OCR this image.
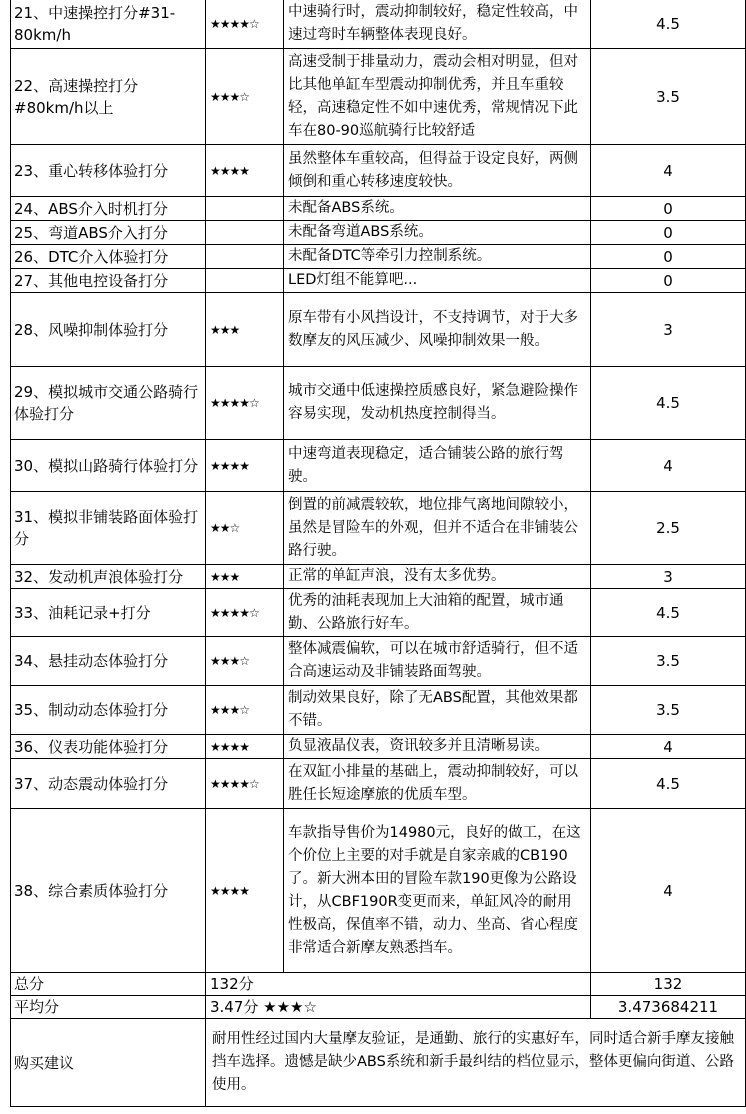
21、中速操控打分#31-80km/h	★★★★☆	中速骑行时，震动抑制较好，稳定性较高，中速过弯时车辆整体表现良好。	4.5
22、高速操控打分#80km/h以上	★★★☆	高速受制于排量动力，震动会相对明显，但对比其他单缸车型震动抑制优秀，并且车重较轻，高速稳定性不如中速优秀，常规情况下此车在80-90巡航骑行比较舒适	3.5
23、重心转移体验打分	★★★★	虽然整体车重较高，但得益于设定良好，两侧倾倒和重心转移速度较快。	4
24、ABS介入时机打分		未配备ABS系统。	0
25、弯道ABS介入打分		未配备弯道ABS系统。	0
26、DTC介入体验打分		未配备DTC等牵引力控制系统。	0
27、其他电控设备打分		LED灯组不能算吧...	0
28、风噪抑制体验打分	★★★	原车带有小风挡设计，不支持调节，对于大多数摩友的风压减少、风噪抑制效果一般。	3
29、模拟城市交通公路骑行体验打分	★★★★☆	城市交通中低速操控质感良好，紧急避险操作容易实现，发动机热度控制得当。	4.5
30、模拟山路骑行体验打分	★★★★	中速弯道表现稳定，适合铺装公路的旅行驾驶。	4
31、模拟非铺装路面体验打分	★★☆	倒置的前减震较软，地位排气离地间隙较小，虽然是冒险车的外观，但并不适合在非铺装公路行驶。	2.5
32、发动机声浪体验打分	★★★	正常的单缸声浪，没有太多优势。	3
33、油耗记录+打分	★★★★☆	优秀的油耗表现加上大油箱的配置，城市通勤、公路旅行好车。	4.5
34、悬挂动态体验打分	★★★☆	整体减震偏软，可以在城市舒适骑行，但不适合高速运动及非铺装路面驾驶。	3.5
35、制动动态体验打分	★★★☆	制动效果良好，除了无ABS配置，其他效果都不错。	3.5
36、仪表功能体验打分	★★★★	负显液晶仪表，资讯较多并且清晰易读。	4
37、动态震动体验打分	★★★★☆	在双缸小排量的基础上，震动抑制较好，可以胜任长短途摩旅的优质车型。	4.5
38、综合素质体验打分	★★★★	车款指导售价为14980元，良好的做工，在这个价位上主要的对手就是自家亲戚的CB190了。新大洲本田的冒险车款190更像为公路设计，从CBF190R变更而来，单缸风冷的耐用性极高，保值率不错，动力、坐高、省心程度非常适合新摩友熟悉挡车。	4
总分	132分		132
平均分	3.47分 ★★★☆		3.473684211
购买建议	耐用性经过国内大量摩友验证，是通勤、旅行的实惠好车，同时适合新手摩友接触挡车选择。遗憾是缺少ABS系统和新手最纠结的档位显示，整体更偏向街道、公路使用。		
